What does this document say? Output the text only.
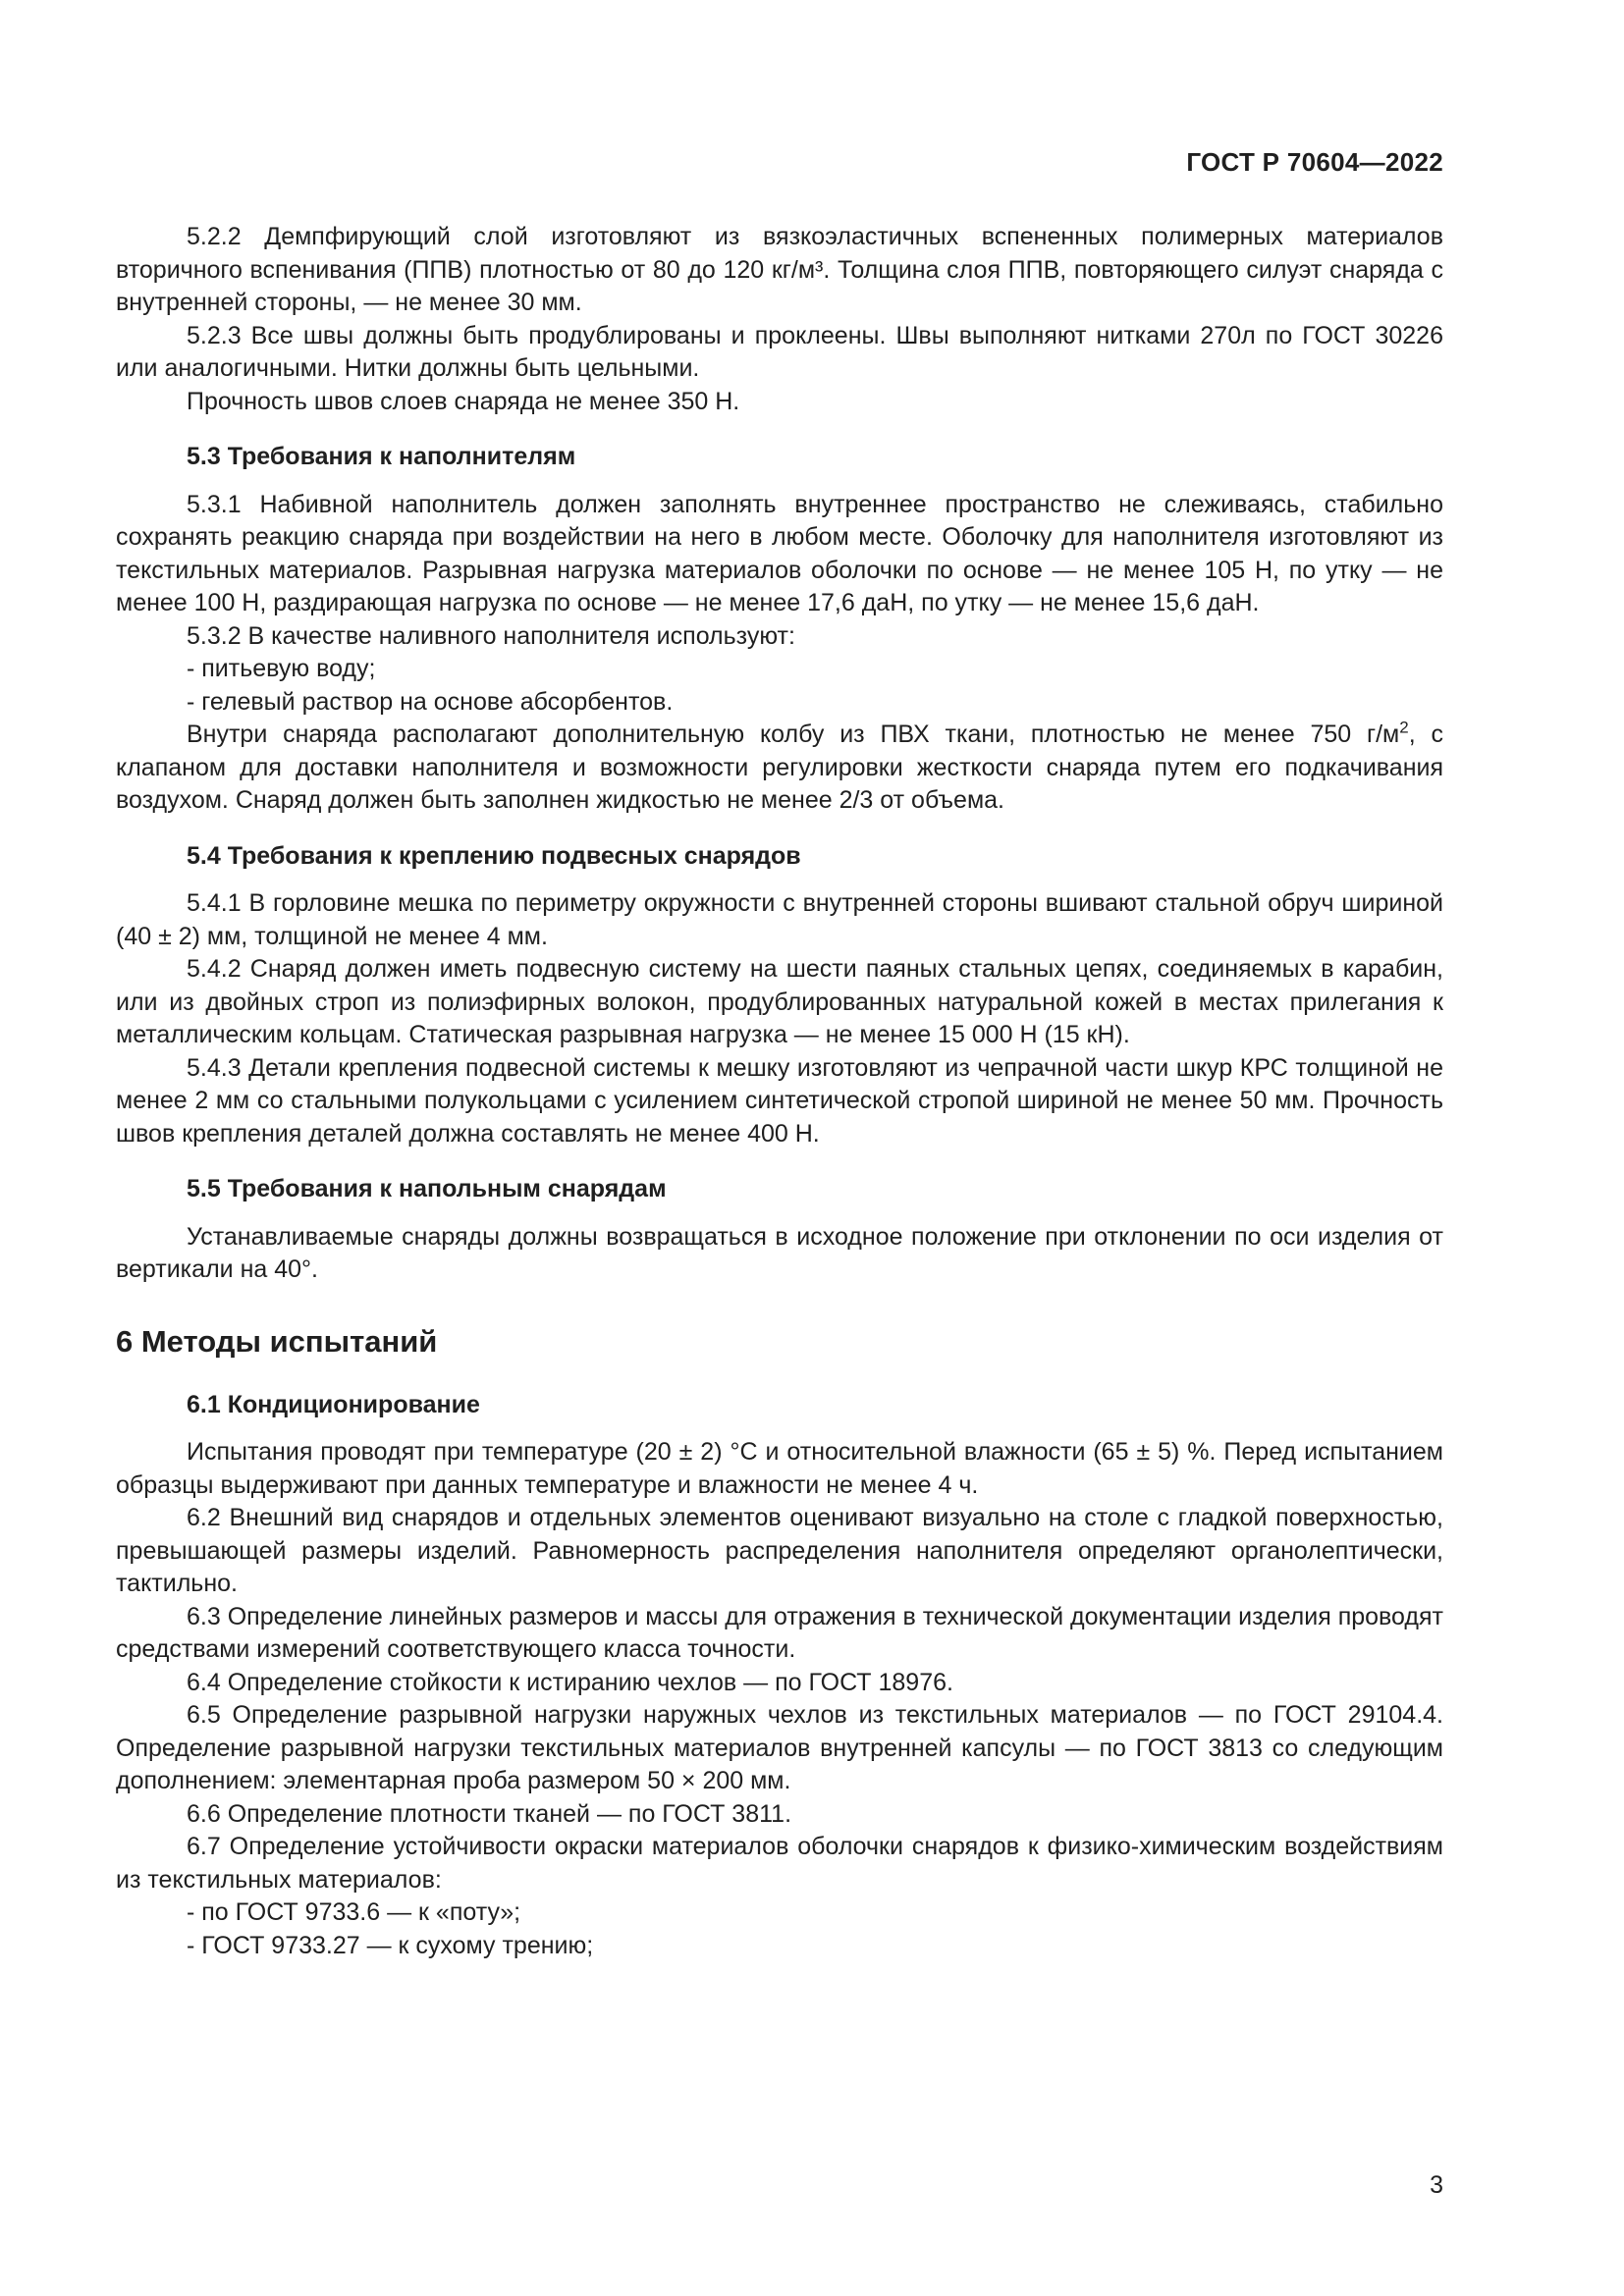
ГОСТ Р 70604—2022

5.2.2 Демпфирующий слой изготовляют из вязкоэластичных вспененных полимерных материалов вторичного вспенивания (ППВ) плотностью от 80 до 120 кг/м³. Толщина слоя ППВ, повторяющего силуэт снаряда с внутренней стороны, — не менее 30 мм.

5.2.3 Все швы должны быть продублированы и проклеены. Швы выполняют нитками 270л по ГОСТ 30226 или аналогичными. Нитки должны быть цельными.

Прочность швов слоев снаряда не менее 350 Н.

5.3 Требования к наполнителям

5.3.1 Набивной наполнитель должен заполнять внутреннее пространство не слеживаясь, стабильно сохранять реакцию снаряда при воздействии на него в любом месте. Оболочку для наполнителя изготовляют из текстильных материалов. Разрывная нагрузка материалов оболочки по основе — не менее 105 Н, по утку — не менее 100 Н, раздирающая нагрузка по основе — не менее 17,6 даН, по утку — не менее 15,6 даН.

5.3.2 В качестве наливного наполнителя используют:

- питьевую воду;

- гелевый раствор на основе абсорбентов.

Внутри снаряда располагают дополнительную колбу из ПВХ ткани, плотностью не менее 750 $г/м^2$, с клапаном для доставки наполнителя и возможности регулировки жесткости снаряда путем его подкачивания воздухом. Снаряд должен быть заполнен жидкостью не менее 2/3 от объема.

5.4 Требования к креплению подвесных снарядов

5.4.1 В горловине мешка по периметру окружности с внутренней стороны вшивают стальной обруч шириной (40 ± 2) мм, толщиной не менее 4 мм.

5.4.2 Снаряд должен иметь подвесную систему на шести паяных стальных цепях, соединяемых в карабин, или из двойных строп из полиэфирных волокон, продублированных натуральной кожей в местах прилегания к металлическим кольцам. Статическая разрывная нагрузка — не менее 15 000 Н (15 кН).

5.4.3 Детали крепления подвесной системы к мешку изготовляют из чепрачной части шкур КРС толщиной не менее 2 мм со стальными полукольцами с усилением синтетической стропой шириной не менее 50 мм. Прочность швов крепления деталей должна составлять не менее 400 Н.

5.5 Требования к напольным снарядам

Устанавливаемые снаряды должны возвращаться в исходное положение при отклонении по оси изделия от вертикали на 40°.

6 Методы испытаний
6.1 Кондиционирование

Испытания проводят при температуре (20 ± 2) °С и относительной влажности (65 ± 5) %. Перед испытанием образцы выдерживают при данных температуре и влажности не менее 4 ч.

6.2 Внешний вид снарядов и отдельных элементов оценивают визуально на столе с гладкой поверхностью, превышающей размеры изделий. Равномерность распределения наполнителя определяют органолептически, тактильно.

6.3 Определение линейных размеров и массы для отражения в технической документации изделия проводят средствами измерений соответствующего класса точности.

6.4 Определение стойкости к истиранию чехлов — по ГОСТ 18976.

6.5 Определение разрывной нагрузки наружных чехлов из текстильных материалов — по ГОСТ 29104.4. Определение разрывной нагрузки текстильных материалов внутренней капсулы — по ГОСТ 3813 со следующим дополнением: элементарная проба размером 50 × 200 мм.

6.6 Определение плотности тканей — по ГОСТ 3811.

6.7 Определение устойчивости окраски материалов оболочки снарядов к физико-химическим воздействиям из текстильных материалов:

- по ГОСТ 9733.6 — к «поту»;

- ГОСТ 9733.27 — к сухому трению;

3
